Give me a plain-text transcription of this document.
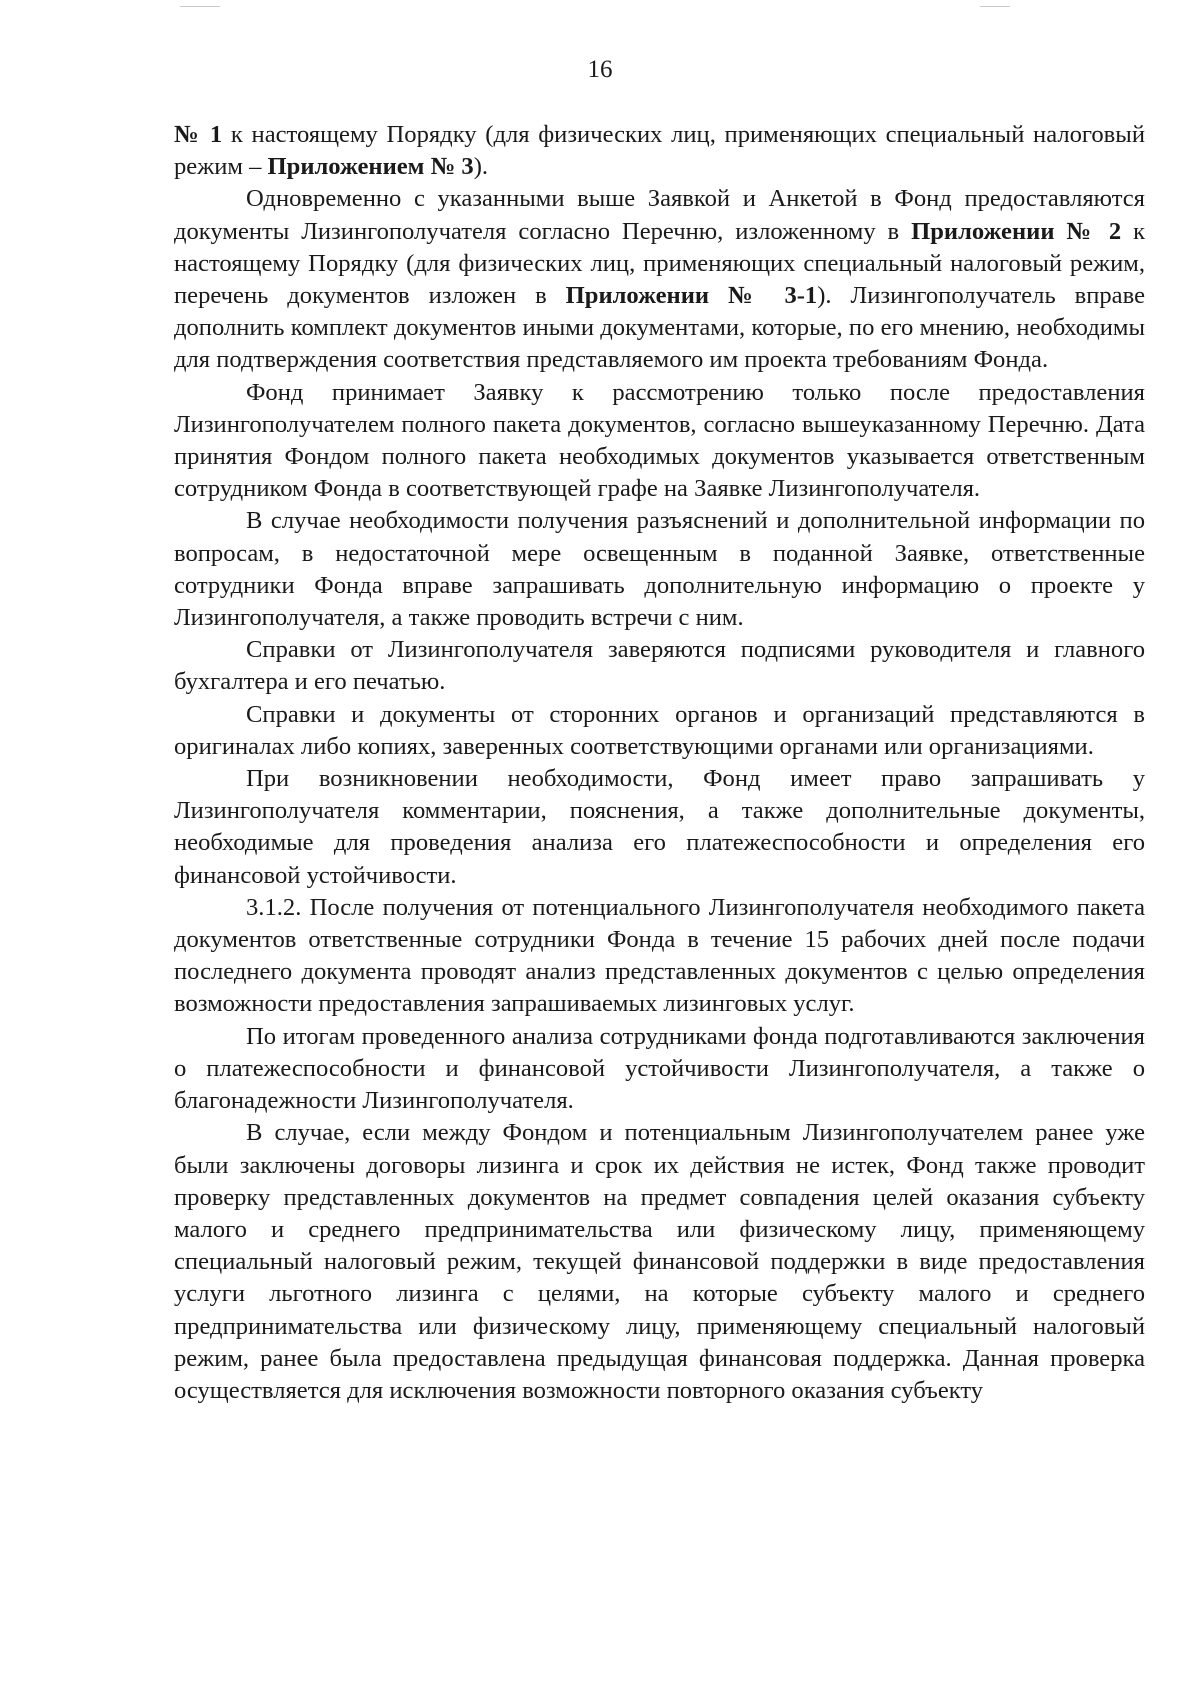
16

№ 1 к настоящему Порядку (для физических лиц, применяющих специальный налоговый режим – Приложением № 3).

Одновременно с указанными выше Заявкой и Анкетой в Фонд предоставляются документы Лизингополучателя согласно Перечню, изложенному в Приложении № 2 к настоящему Порядку (для физических лиц, применяющих специальный налоговый режим, перечень документов изложен в Приложении № 3-1). Лизингополучатель вправе дополнить комплект документов иными документами, которые, по его мнению, необходимы для подтверждения соответствия представляемого им проекта требованиям Фонда.

Фонд принимает Заявку к рассмотрению только после предоставления Лизингополучателем полного пакета документов, согласно вышеуказанному Перечню. Дата принятия Фондом полного пакета необходимых документов указывается ответственным сотрудником Фонда в соответствующей графе на Заявке Лизингополучателя.

В случае необходимости получения разъяснений и дополнительной информации по вопросам, в недостаточной мере освещенным в поданной Заявке, ответственные сотрудники Фонда вправе запрашивать дополнительную информацию о проекте у Лизингополучателя, а также проводить встречи с ним.

Справки от Лизингополучателя заверяются подписями руководителя и главного бухгалтера и его печатью.

Справки и документы от сторонних органов и организаций представляются в оригиналах либо копиях, заверенных соответствующими органами или организациями.

При возникновении необходимости, Фонд имеет право запрашивать у Лизингополучателя комментарии, пояснения, а также дополнительные документы, необходимые для проведения анализа его платежеспособности и определения его финансовой устойчивости.

3.1.2. После получения от потенциального Лизингополучателя необходимого пакета документов ответственные сотрудники Фонда в течение 15 рабочих дней после подачи последнего документа проводят анализ представленных документов с целью определения возможности предоставления запрашиваемых лизинговых услуг.

По итогам проведенного анализа сотрудниками фонда подготавливаются заключения о платежеспособности и финансовой устойчивости Лизингополучателя, а также о благонадежности Лизингополучателя.

В случае, если между Фондом и потенциальным Лизингополучателем ранее уже были заключены договоры лизинга и срок их действия не истек, Фонд также проводит проверку представленных документов на предмет совпадения целей оказания субъекту малого и среднего предпринимательства или физическому лицу, применяющему специальный налоговый режим, текущей финансовой поддержки в виде предоставления услуги льготного лизинга с целями, на которые субъекту малого и среднего предпринимательства или физическому лицу, применяющему специальный налоговый режим, ранее была предоставлена предыдущая финансовая поддержка. Данная проверка осуществляется для исключения возможности повторного оказания субъекту
